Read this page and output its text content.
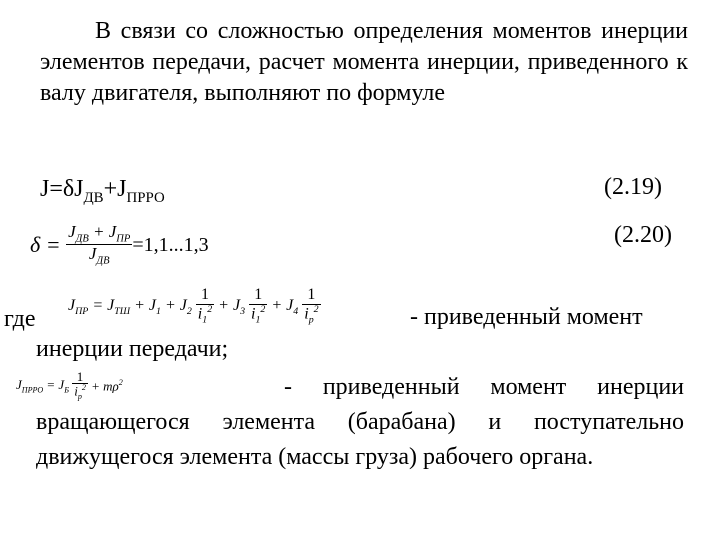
В связи со сложностью определения моментов инерции элементов передачи, расчет момента инерции, приведенного к валу двигателя, выполняют по формуле
$J=\delta J_{ДВ}+J_{ПРРО}$	(2.19)
$\delta = \frac{J_{ДВ} + J_{ПР}}{J_{ДВ}} =1,1...1,3$	(2.20)
где
$J_{ПР} = J_{ТШ} + J_1 + J_2 \frac{1}{i_1^2} + J_3 \frac{1}{i_1^2} + J_4 \frac{1}{i_p^2}$	- приведенный момент
инерции передачи;
$J_{ПРРО} = J_Б \frac{1}{i_p^2} + m\rho^2$	- приведенный момент инерции
вращающегося элемента (барабана) и поступательно
движущегося элемента (массы груза) рабочего органа.
